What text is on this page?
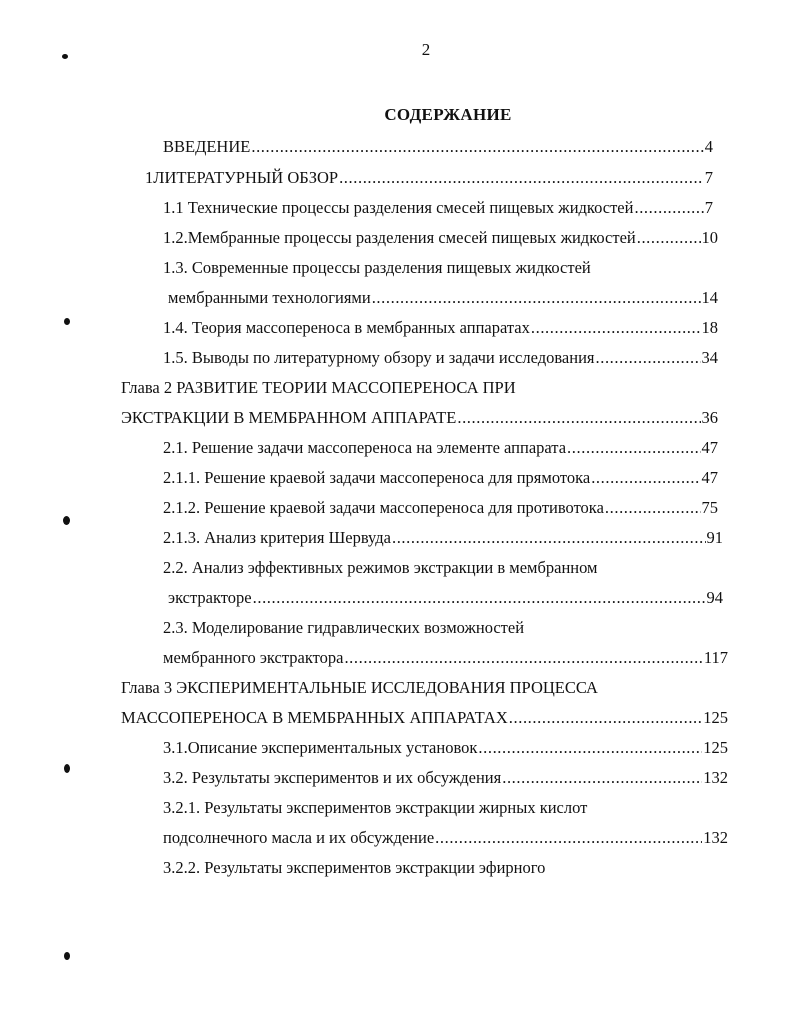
2
СОДЕРЖАНИЕ
ВВЕДЕНИЕ .....	4
1 ЛИТЕРАТУРНЫЙ ОБЗОР .....	7
1.1 Технические процессы разделения смесей пищевых жидкостей .....	7
1.2.Мембранные процессы разделения смесей пищевых жидкостей .....	10
1.3. Современные процессы разделения пищевых жидкостей
мембранными технологиями .....	14
1.4. Теория массопереноса в мембранных аппаратах .....	18
1.5. Выводы по литературному обзору и задачи исследования .....	34
Глава 2 РАЗВИТИЕ ТЕОРИИ МАССОПЕРЕНОСА ПРИ
ЭКСТРАКЦИИ В МЕМБРАННОМ АППАРАТЕ .....	36
2.1. Решение задачи массопереноса на элементе аппарата .....	47
2.1.1. Решение краевой задачи массопереноса для прямотока .....	47
2.1.2. Решение краевой задачи массопереноса для противотока .....	75
2.1.3. Анализ критерия Шервуда .....	91
2.2. Анализ эффективных режимов экстракции в мембранном
экстракторе .....	94
2.3. Моделирование гидравлических возможностей
мембранного экстрактора .....	117
Глава 3 ЭКСПЕРИМЕНТАЛЬНЫЕ ИССЛЕДОВАНИЯ ПРОЦЕССА
МАССОПЕРЕНОСА В МЕМБРАННЫХ АППАРАТАХ .....	125
3.1.Описание экспериментальных установок .....	125
3.2. Результаты экспериментов и их обсуждения .....	132
3.2.1. Результаты экспериментов экстракции жирных кислот
подсолнечного масла и их обсуждение .....	132
3.2.2. Результаты экспериментов экстракции эфирного
